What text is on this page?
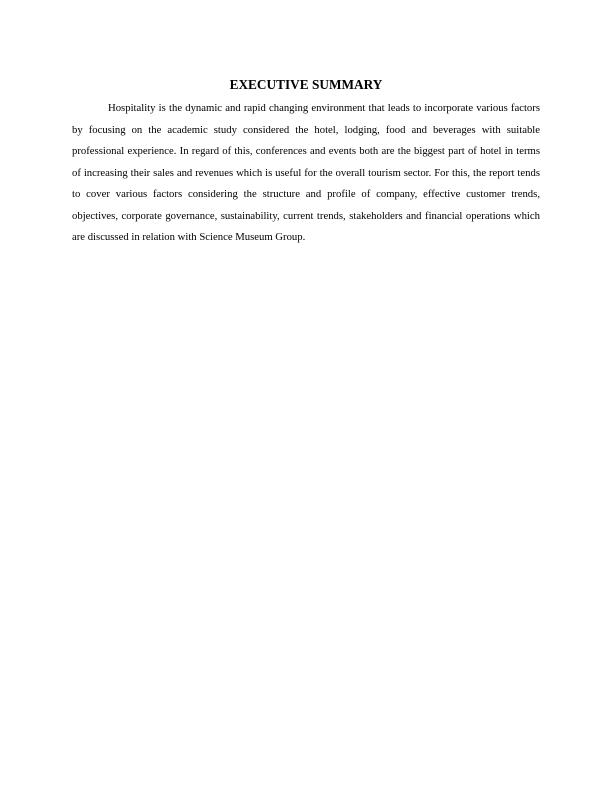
EXECUTIVE SUMMARY

Hospitality is the dynamic and rapid changing environment that leads to incorporate various factors by focusing on the academic study considered the hotel, lodging, food and beverages with suitable professional experience. In regard of this, conferences and events both are the biggest part of hotel in terms of increasing their sales and revenues which is useful for the overall tourism sector. For this, the report tends to cover various factors considering the structure and profile of company, effective customer trends, objectives, corporate governance, sustainability, current trends, stakeholders and financial operations which are discussed in relation with Science Museum Group.
